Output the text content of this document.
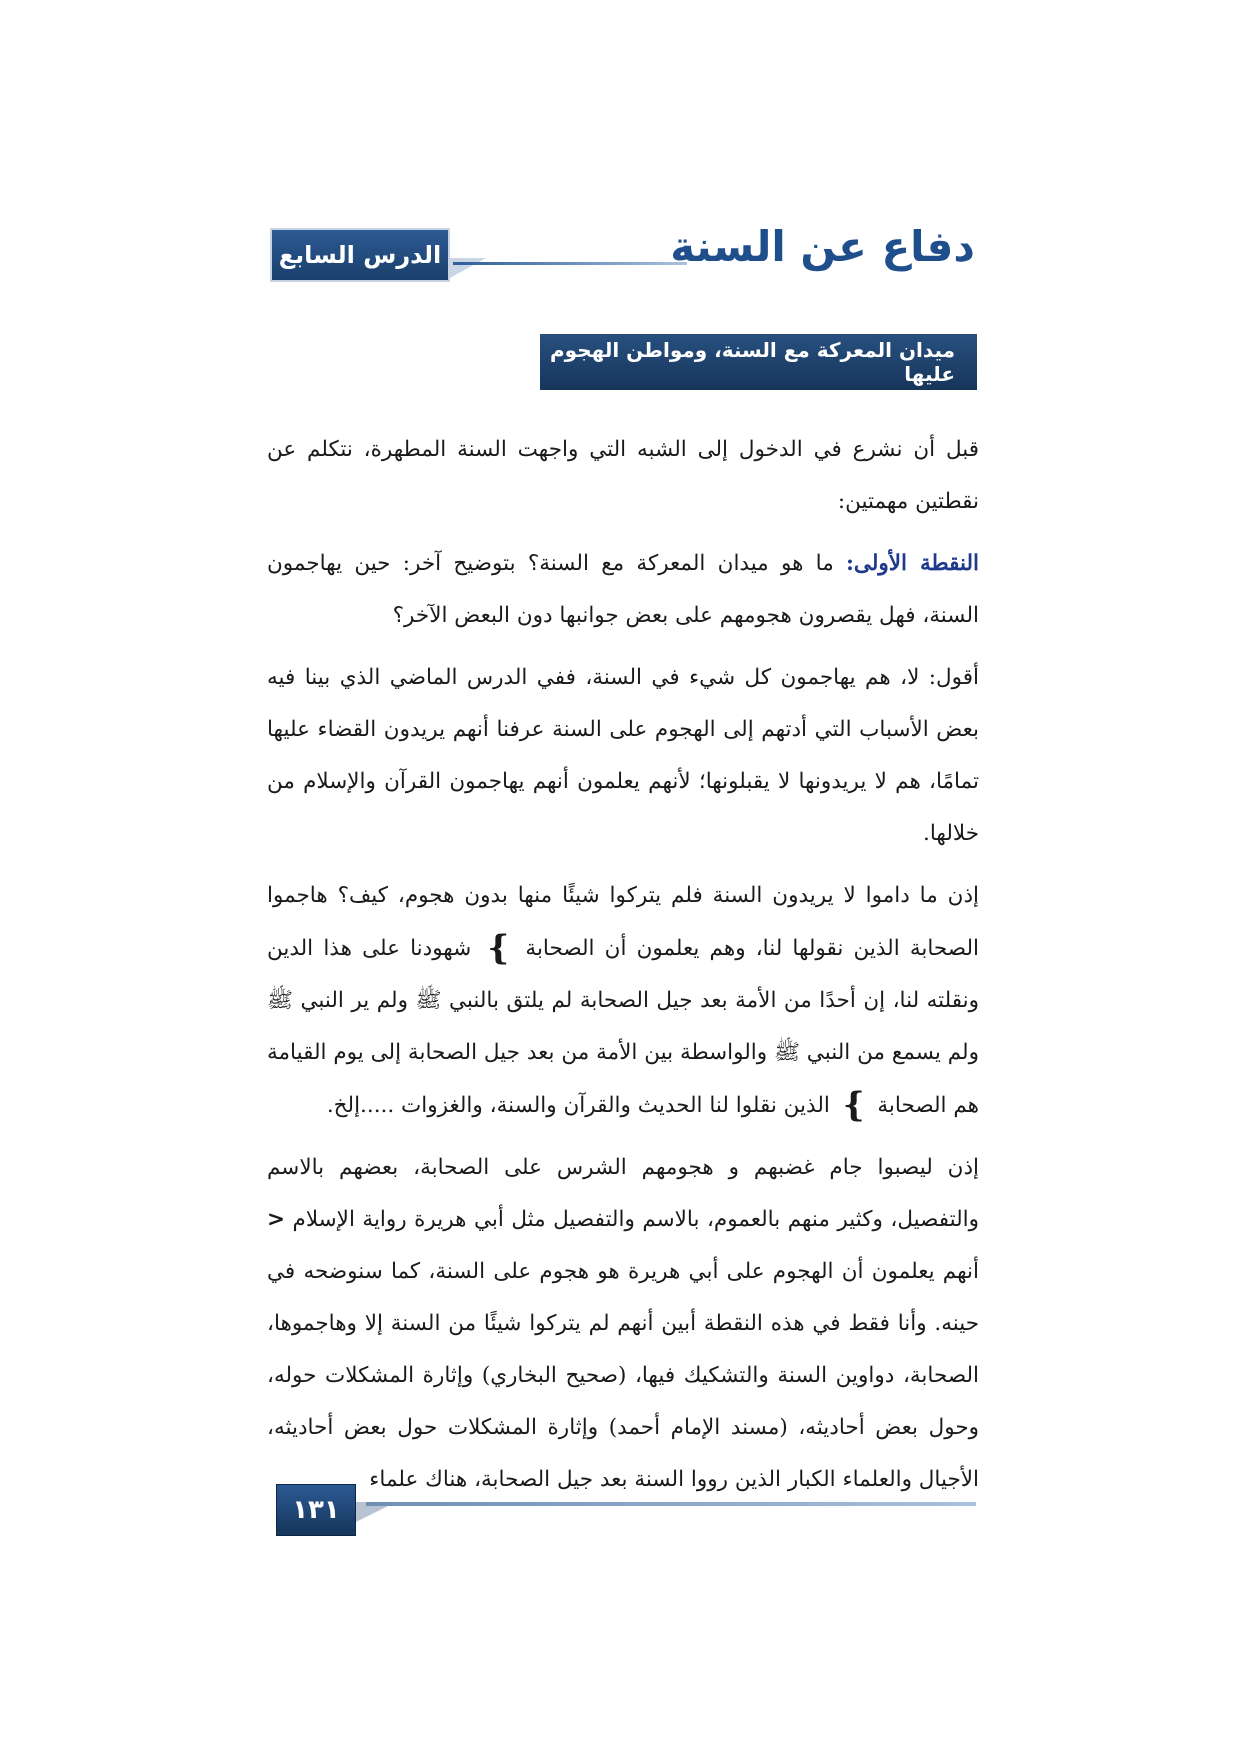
الدرس السابع	دفاع عن السنة
ميدان المعركة مع السنة، ومواطن الهجوم عليها

قبل أن نشرع في الدخول إلى الشبه التي واجهت السنة المطهرة، نتكلم عن نقطتين مهمتين:

النقطة الأولى: ما هو ميدان المعركة مع السنة؟ بتوضيح آخر: حين يهاجمون السنة، فهل يقصرون هجومهم على بعض جوانبها دون البعض الآخر؟

أقول: لا، هم يهاجمون كل شيء في السنة، ففي الدرس الماضي الذي بينا فيه بعض الأسباب التي أدتهم إلى الهجوم على السنة عرفنا أنهم يريدون القضاء عليها تمامًا، هم لا يريدونها لا يقبلونها؛ لأنهم يعلمون أنهم يهاجمون القرآن والإسلام من خلالها.

إذن ما داموا لا يريدون السنة فلم يتركوا شيئًا منها بدون هجوم، كيف؟ هاجموا الصحابة الذين نقولها لنا، وهم يعلمون أن الصحابة } شهودنا على هذا الدين ونقلته لنا، إن أحدًا من الأمة بعد جيل الصحابة لم يلتق بالنبي ﷺ ولم ير النبي ﷺ ولم يسمع من النبي ﷺ والواسطة بين الأمة من بعد جيل الصحابة إلى يوم القيامة هم الصحابة } الذين نقلوا لنا الحديث والقرآن والسنة، والغزوات .....إلخ.

إذن ليصبوا جام غضبهم و هجومهم الشرس على الصحابة، بعضهم بالاسم والتفصيل، وكثير منهم بالعموم، بالاسم والتفصيل مثل أبي هريرة رواية الإسلام < أنهم يعلمون أن الهجوم على أبي هريرة هو هجوم على السنة، كما سنوضحه في حينه. وأنا فقط في هذه النقطة أبين أنهم لم يتركوا شيئًا من السنة إلا وهاجموها، الصحابة، دواوين السنة والتشكيك فيها، (صحيح البخاري) وإثارة المشكلات حوله، وحول بعض أحاديثه، (مسند الإمام أحمد) وإثارة المشكلات حول بعض أحاديثه، الأجيال والعلماء الكبار الذين رووا السنة بعد جيل الصحابة، هناك علماء

١٣١
